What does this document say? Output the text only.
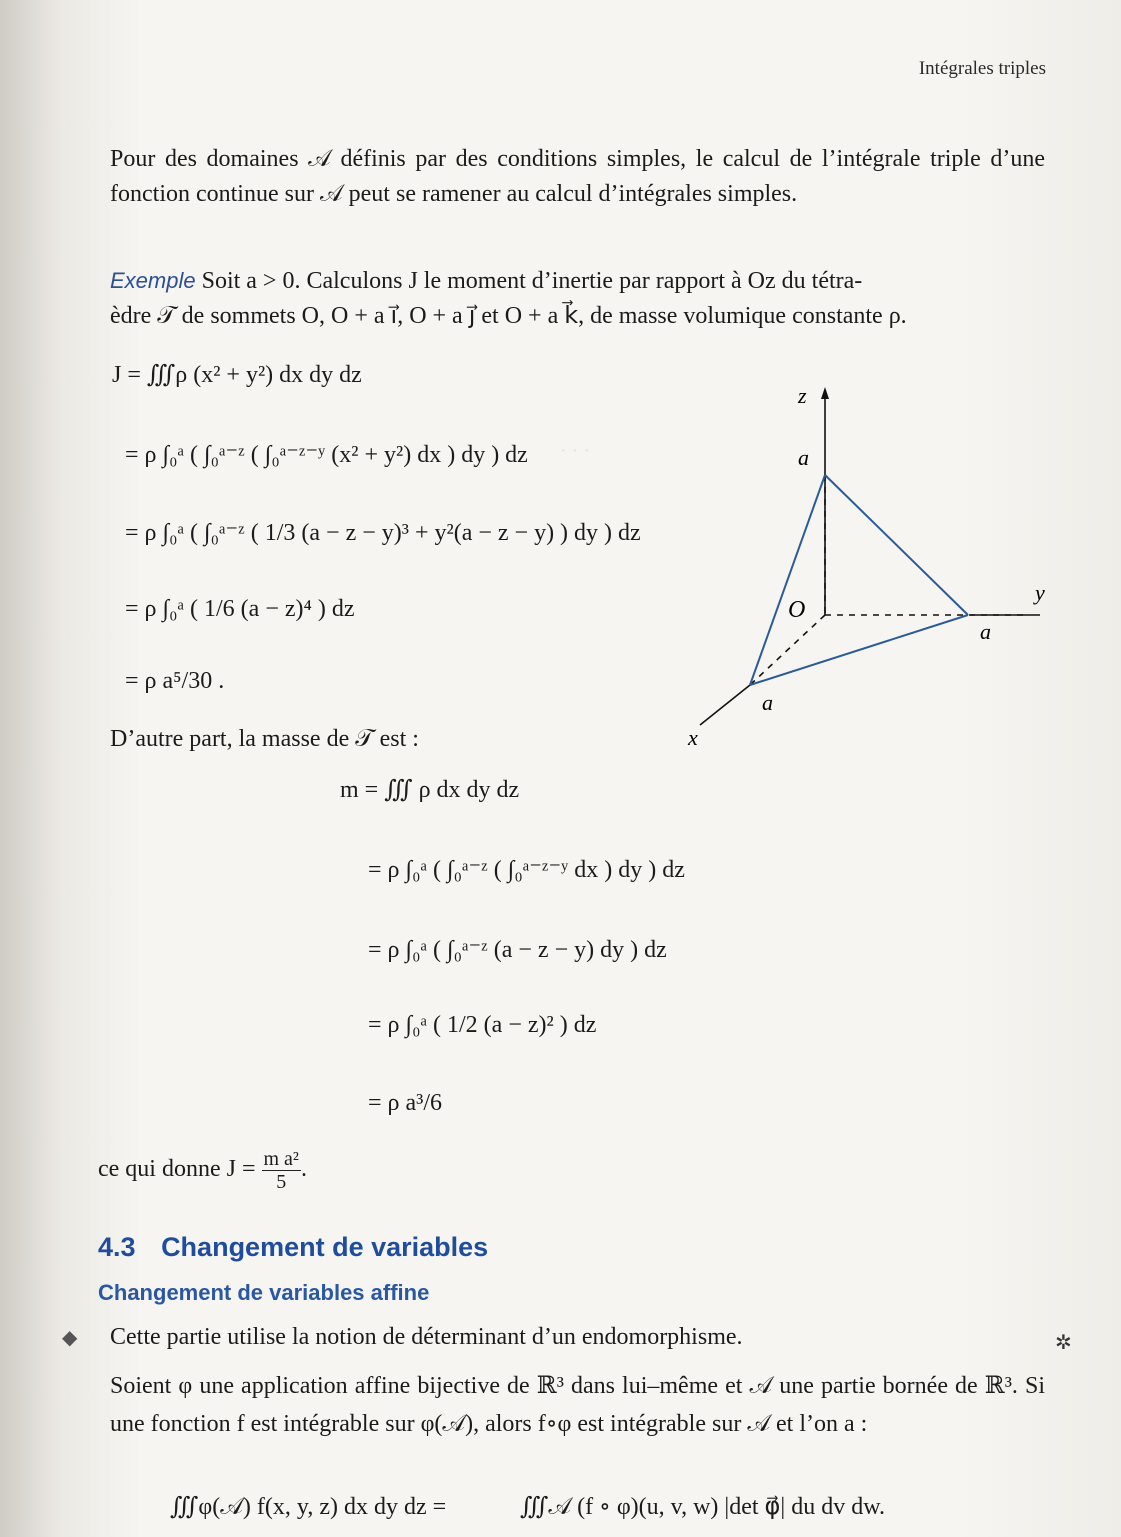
· · ·
Intégrales triples
Pour des domaines 𝒜 définis par des conditions simples, le calcul de l’intégrale triple d’une fonction continue sur 𝒜 peut se ramener au calcul d’intégrales simples.
Exemple Soit a > 0. Calculons J le moment d’inertie par rapport à Oz du tétra-
èdre 𝒯 de sommets O, O + a i⃗, O + a j⃗ et O + a k⃗, de masse volumique constante ρ.
J = ∭ρ (x² + y²) dx dy dz
= ρ ∫₀ᵃ ( ∫₀ᵃ⁻ᶻ ( ∫₀ᵃ⁻ᶻ⁻ʸ (x² + y²) dx ) dy ) dz
= ρ ∫₀ᵃ ( ∫₀ᵃ⁻ᶻ ( 1/3 (a − z − y)³ + y²(a − z − y) ) dy ) dz
= ρ ∫₀ᵃ ( 1/6 (a − z)⁴ ) dz
= ρ a⁵/30 .
z
y
x
a
a
a
O
D’autre part, la masse de 𝒯 est :
m = ∭ ρ dx dy dz
= ρ ∫₀ᵃ ( ∫₀ᵃ⁻ᶻ ( ∫₀ᵃ⁻ᶻ⁻ʸ dx ) dy ) dz
= ρ ∫₀ᵃ ( ∫₀ᵃ⁻ᶻ (a − z − y) dy ) dz
= ρ ∫₀ᵃ ( 1/2 (a − z)² ) dz
= ρ a³/6
ce qui donne $J = \frac{\text{m a²}}{5}$ .
4.3 Changement de variables
Changement de variables affine
◆	✲
Cette partie utilise la notion de déterminant d’un endomorphisme.
Soient φ une application affine bijective de ℝ³ dans lui–même et 𝒜 une partie bornée de ℝ³. Si une fonction f est intégrable sur φ(𝒜), alors f∘φ est intégrable sur 𝒜 et l’on a :
∭φ(𝒜) f(x, y, z) dx dy dz =	∭𝒜 (f ∘ φ)(u, v, w) |det φ⃗| du dv dw.
